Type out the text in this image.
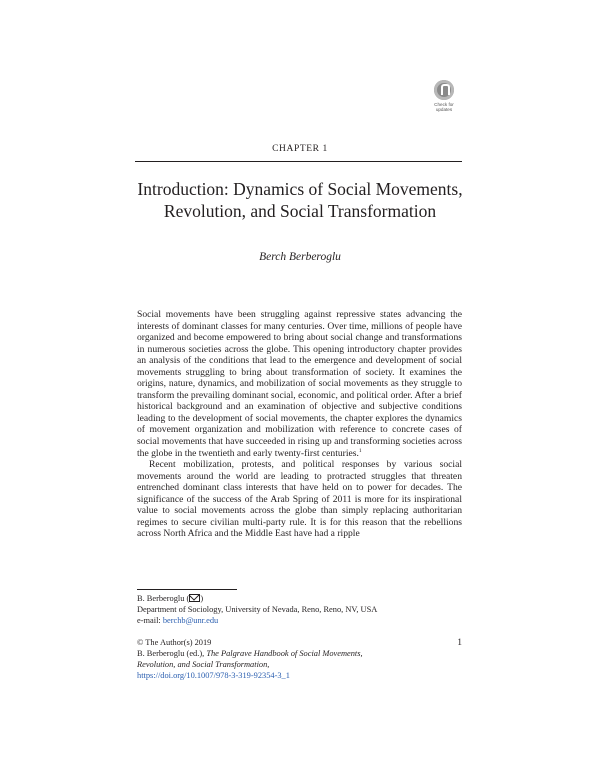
Check for
updates
CHAPTER 1
Introduction: Dynamics of Social Movements,
Revolution, and Social Transformation
Berch Berberoglu

Social movements have been struggling against repressive states advancing the interests of dominant classes for many centuries. Over time, millions of people have organized and become empowered to bring about social change and transformations in numerous societies across the globe. This opening introductory chapter provides an analysis of the conditions that lead to the emergence and development of social movements struggling to bring about transformation of society. It examines the origins, nature, dynamics, and mobilization of social movements as they struggle to transform the prevailing dominant social, economic, and political order. After a brief historical background and an examination of objective and subjective conditions leading to the development of social movements, the chapter explores the dynamics of movement organization and mobilization with reference to concrete cases of social movements that have succeeded in rising up and transforming societies across the globe in the twentieth and early twenty-first centuries.$^1$

Recent mobilization, protests, and political responses by various social movements around the world are leading to protracted struggles that threaten entrenched dominant class interests that have held on to power for decades. The significance of the success of the Arab Spring of 2011 is more for its inspirational value to social movements across the globe than simply replacing authoritarian regimes to secure civilian multi-party rule. It is for this reason that the rebellions across North Africa and the Middle East have had a ripple

B. Berberoglu ( )
Department of Sociology, University of Nevada, Reno, Reno, NV, USA
e-mail: berchb@unr.edu
© The Author(s) 2019	1
B. Berberoglu (ed.), The Palgrave Handbook of Social Movements,
Revolution, and Social Transformation,
https://doi.org/10.1007/978-3-319-92354-3_1
